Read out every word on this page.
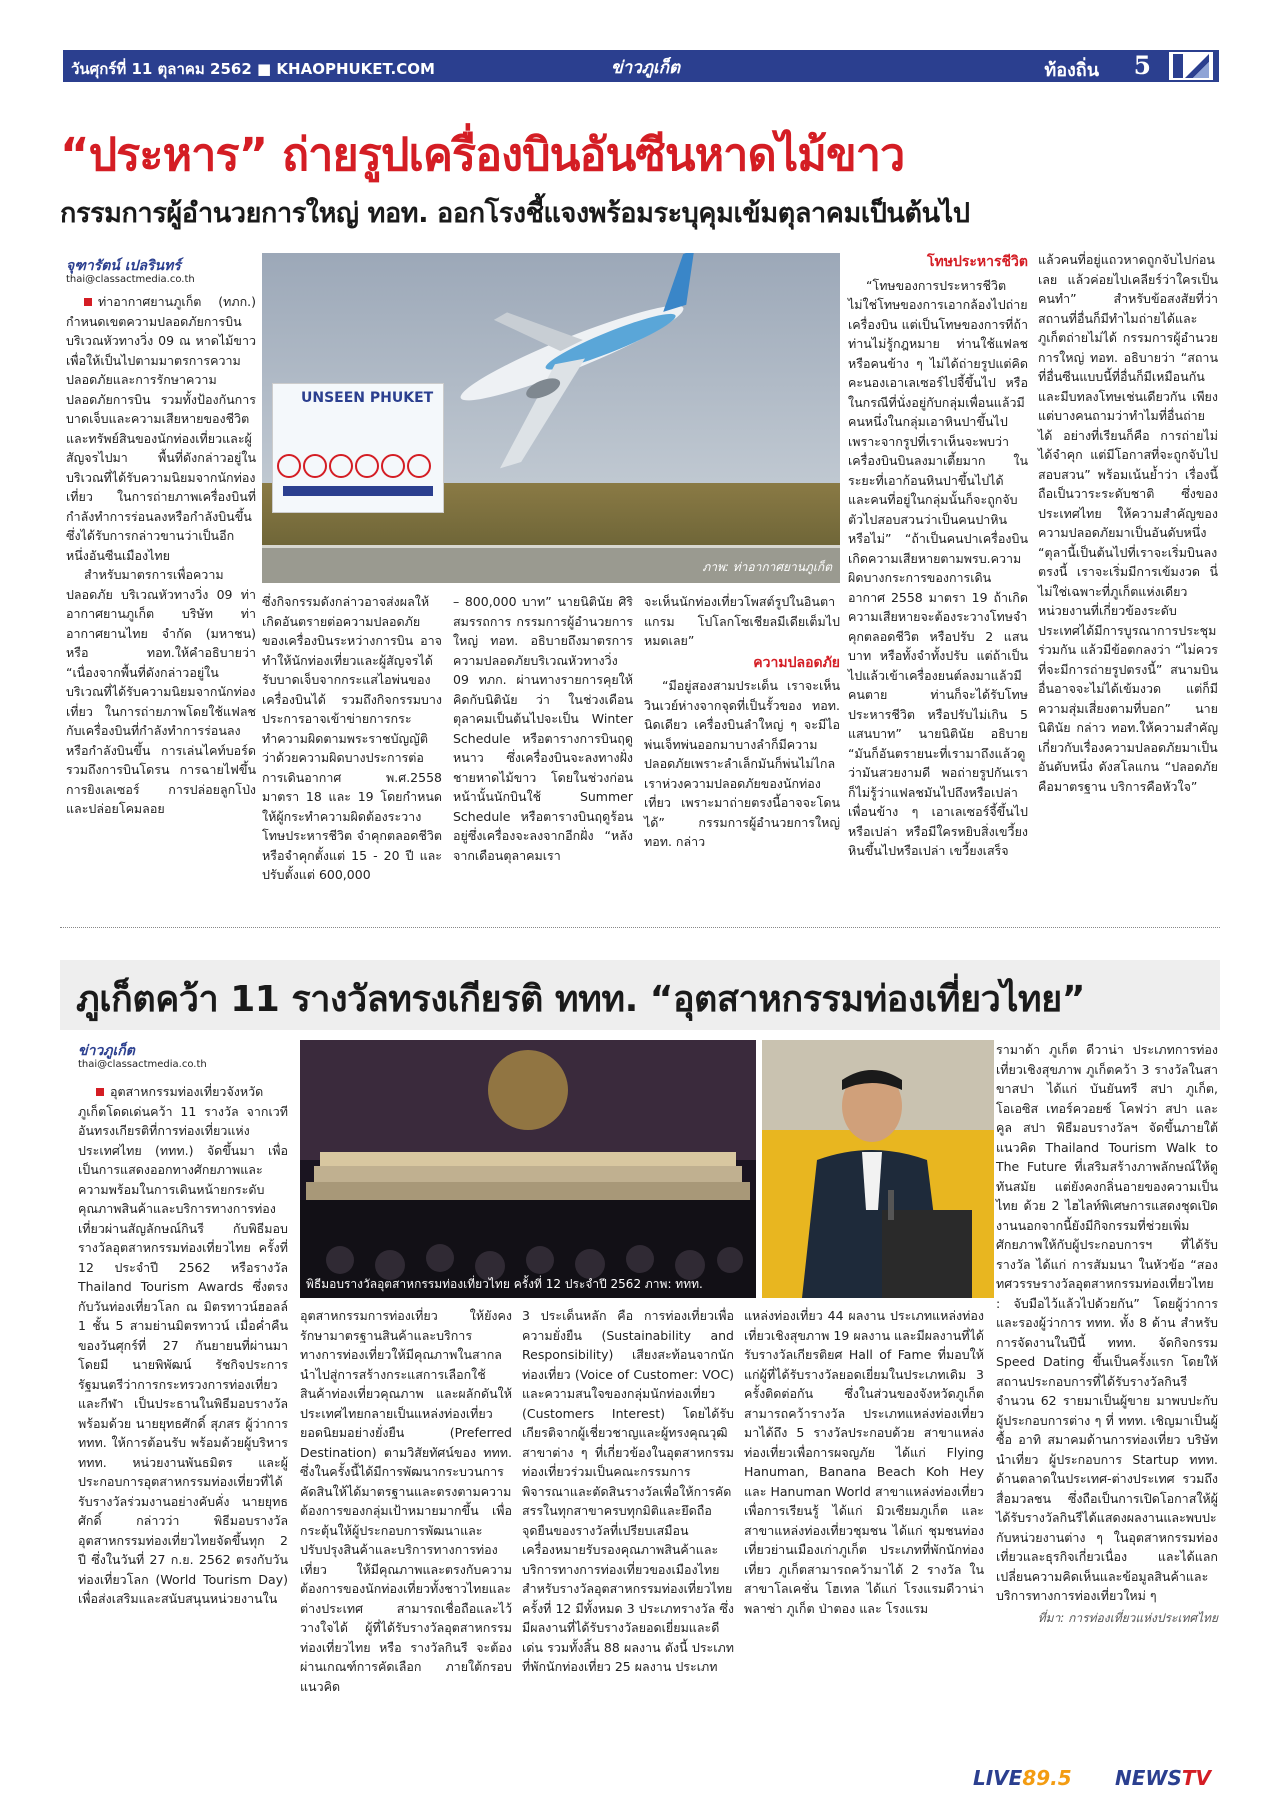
วันศุกร์ที่ 11 ตุลาคม 2562 ■ KHAOPHUKET.COM	ข่าวภูเก็ต	ท้องถิ่น 5
“ประหาร” ถ่ายรูปเครื่องบินอันซีนหาดไม้ขาว
กรรมการผู้อำนวยการใหญ่ ทอท. ออกโรงชี้แจงพร้อมระบุคุมเข้มตุลาคมเป็นต้นไป
จุฑารัตน์ เปลรินทร์
thai@classactmedia.co.th
UNSEEN PHUKET
ภาพ: ท่าอากาศยานภูเก็ต

ท่าอากาศยานภูเก็ต (ทภก.) กำหนดเขตความปลอดภัยการบินบริเวณหัวทางวิ่ง 09 ณ หาดไม้ขาว เพื่อให้เป็นไปตามมาตรการความปลอดภัยและการรักษาความปลอดภัยการบิน รวมทั้งป้องกันการบาดเจ็บและความเสียหายของชีวิต และทรัพย์สินของนักท่องเที่ยวและผู้สัญจรไปมา พื้นที่ดังกล่าวอยู่ในบริเวณที่ได้รับความนิยมจากนักท่องเที่ยว ในการถ่ายภาพเครื่องบินที่กำลังทำการร่อนลงหรือกำลังบินขึ้น ซึ่งได้รับการกล่าวขานว่าเป็นอีกหนึ่งอันซีนเมืองไทย

สำหรับมาตรการเพื่อความปลอดภัย บริเวณหัวทางวิ่ง 09 ท่าอากาศยานภูเก็ต บริษัท ท่าอากาศยานไทย จำกัด (มหาชน) หรือ ทอท.ให้คำอธิบายว่า “เนื่องจากพื้นที่ดังกล่าวอยู่ในบริเวณที่ได้รับความนิยมจากนักท่องเที่ยว ในการถ่ายภาพโดยใช้แฟลชกับเครื่องบินที่กำลังทำการร่อนลงหรือกำลังบินขึ้น การเล่นไคท์บอร์ด รวมถึงการบินโดรน การฉายไฟขึ้น การยิงเลเซอร์ การปล่อยลูกโป่ง และปล่อยโคมลอย

ซึ่งกิจกรรมดังกล่าวอาจส่งผลให้เกิดอันตรายต่อความปลอดภัยของเครื่องบินระหว่างการบิน อาจทำให้นักท่องเที่ยวและผู้สัญจรได้รับบาดเจ็บจากกระแสไอพ่นของเครื่องบินได้ รวมถึงกิจกรรมบางประการอาจเข้าข่ายการกระทำความผิดตามพระราชบัญญัติ ว่าด้วยความผิดบางประการต่อการเดินอากาศ พ.ศ.2558 มาตรา 18 และ 19 โดยกำหนดให้ผู้กระทำความผิดต้องระวางโทษประหารชีวิต จำคุกตลอดชีวิต หรือจำคุกตั้งแต่ 15 - 20 ปี และปรับตั้งแต่ 600,000

– 800,000 บาท” นายนิตินัย ศิริสมรรถการ กรรมการผู้อำนวยการใหญ่ ทอท. อธิบายถึงมาตรการความปลอดภัยบริเวณหัวทางวิ่ง 09 ทภก. ผ่านทางรายการคุยให้คิดกับนิตินัย ว่า ในช่วงเดือนตุลาคมเป็นต้นไปจะเป็น Winter Schedule หรือตารางการบินฤดูหนาว ซึ่งเครื่องบินจะลงทางฝั่งชายหาดไม้ขาว โดยในช่วงก่อนหน้านั้นนักบินใช้ Summer Schedule หรือตารางบินฤดูร้อนอยู่ซึ่งเครื่องจะลงจากอีกฝั่ง “หลังจากเดือนตุลาคมเรา

จะเห็นนักท่องเที่ยวโพสต์รูปในอินตาแกรม โปโลกโซเชียลมีเดียเต็มไปหมดเลย”

ความปลอดภัย

“มีอยู่สองสามประเด็น เราจะเห็นวินเวย์ห่างจากจุดที่เป็นรั้วของ ทอท. นิดเดียว เครื่องบินลำใหญ่ ๆ จะมีไอพ่นเจ็ทพ่นออกมาบางลำก็มีความปลอดภัยเพราะลำเล็กมันก็พ่นไม่ไกล เราห่วงความปลอดภัยของนักท่องเที่ยว เพราะมาถ่ายตรงนี้อาจจะโดนได้” กรรมการผู้อำนวยการใหญ่ ทอท. กล่าว

โทษประหารชีวิต

“โทษของการประหารชีวิต ไม่ใช่โทษของการเอากล้องไปถ่ายเครื่องบิน แต่เป็นโทษของการที่ถ้าท่านไม่รู้กฎหมาย ท่านใช้แฟลชหรือคนข้าง ๆ ไม่ได้ถ่ายรูปแต่คิดคะนองเอาเลเซอร์ไปจี้ขึ้นไป หรือในกรณีที่นั่งอยู่กับกลุ่มเพื่อนแล้วมีคนหนึ่งในกลุ่มเอาหินปาขึ้นไป เพราะจากรูปที่เราเห็นจะพบว่าเครื่องบินบินลงมาเตี้ยมาก ในระยะที่เอาก้อนหินปาขึ้นไปได้ และคนที่อยู่ในกลุ่มนั้นก็จะถูกจับตัวไปสอบสวนว่าเป็นคนปาหินหรือไม่” “ถ้าเป็นคนปาเครื่องบินเกิดความเสียหายตามพรบ.ความผิดบางกระการของการเดินอากาศ 2558 มาตรา 19 ถ้าเกิดความเสียหายจะต้องระวางโทษจำคุกตลอดชีวิต หรือปรับ 2 แสนบาท หรือทั้งจำทั้งปรับ แต่ถ้าเป็นไปแล้วเข้าเครื่องยนต์ลงมาแล้วมีคนตาย ท่านก็จะได้รับโทษประหารชีวิต หรือปรับไม่เกิน 5 แสนบาท” นายนิตินัย อธิบาย “มันก็อันตรายนะที่เรามาถึงแล้วดูว่ามันสวยงามดี พอถ่ายรูปกันเราก็ไม่รู้ว่าแฟลชมันไปถึงหรือเปล่า เพื่อนข้าง ๆ เอาเลเซอร์จี้ขึ้นไปหรือเปล่า หรือมีใครหยิบสิ่งเขวี้ยงหินขึ้นไปหรือเปล่า เขวี้ยงเสร็จ

แล้วคนที่อยู่แถวหาดถูกจับไปก่อน เลย แล้วค่อยไปเคลียร์ว่าใครเป็นคนทำ” สำหรับข้อสงสัยที่ว่า สถานที่อื่นก็มีทำไมถ่ายได้และภูเก็ตถ่ายไม่ได้ กรรมการผู้อำนวยการใหญ่ ทอท. อธิบายว่า “สถานที่อื่นซีนแบบนี้ที่อื่นก็มีเหมือนกัน และมีบทลงโทษเช่นเดียวกัน เพียงแต่บางคนถามว่าทำไมที่อื่นถ่ายได้ อย่างที่เรียนก็คือ การถ่ายไม่ได้จำคุก แต่มีโอกาสที่จะถูกจับไปสอบสวน” พร้อมเน้นย้ำว่า เรื่องนี้ถือเป็นวาระระดับชาติ ซึ่งของประเทศไทย ให้ความสำคัญของความปลอดภัยมาเป็นอันดับหนึ่ง “ตุลานี้เป็นต้นไปที่เราจะเริ่มบินลงตรงนี้ เราจะเริ่มมีการเข้มงวด นี่ไม่ใช่เฉพาะที่ภูเก็ตแห่งเดียว หน่วยงานที่เกี่ยวข้องระดับประเทศได้มีการบูรณาการประชุมร่วมกัน แล้วมีข้อตกลงว่า “ไม่ควรที่จะมีการถ่ายรูปตรงนี้” สนามบินอื่นอาจจะไม่ได้เข้มงวด แต่ก็มีความสุ่มเสี่ยงตามที่บอก” นายนิตินัย กล่าว ทอท.ให้ความสำคัญเกี่ยวกับเรื่องความปลอดภัยมาเป็นอันดับหนึ่ง ดังสโลแกน “ปลอดภัยคือมาตรฐาน บริการคือหัวใจ”

ภูเก็ตคว้า 11 รางวัลทรงเกียรติ ททท. “อุตสาหกรรมท่องเที่ยวไทย”
ข่าวภูเก็ต
thai@classactmedia.co.th
พิธีมอบรางวัลอุตสาหกรรมท่องเที่ยวไทย ครั้งที่ 12 ประจำปี 2562 ภาพ: ททท.

อุตสาหกรรมท่องเที่ยวจังหวัดภูเก็ตโดดเด่นคว้า 11 รางวัล จากเวทีอันทรงเกียรติที่การท่องเที่ยวแห่งประเทศไทย (ททท.) จัดขึ้นมา เพื่อเป็นการแสดงออกทางศักยภาพและความพร้อมในการเดินหน้ายกระดับคุณภาพสินค้าและบริการทางการท่องเที่ยวผ่านสัญลักษณ์กินรี กับพิธีมอบรางวัลอุตสาหกรรมท่องเที่ยวไทย ครั้งที่ 12 ประจำปี 2562 หรือรางวัล Thailand Tourism Awards ซึ่งตรงกับวันท่องเที่ยวโลก ณ มิตรทาวน์ฮอลล์ 1 ชั้น 5 สามย่านมิตรทาวน์ เมื่อค่ำคืนของวันศุกร์ที่ 27 กันยายนที่ผ่านมา โดยมี นายพิพัฒน์ รัชกิจประการ รัฐมนตรีว่าการกระทรวงการท่องเที่ยวและกีฬา เป็นประธานในพิธีมอบรางวัล พร้อมด้วย นายยุทธศักดิ์ สุภสร ผู้ว่าการ ททท. ให้การต้อนรับ พร้อมด้วยผู้บริหาร ททท. หน่วยงานพันธมิตร และผู้ประกอบการอุตสาหกรรมท่องเที่ยวที่ได้รับรางวัลร่วมงานอย่างคับคั่ง นายยุทธศักดิ์ กล่าวว่า พิธีมอบรางวัลอุตสาหกรรมท่องเที่ยวไทยจัดขึ้นทุก 2 ปี ซึ่งในวันที่ 27 ก.ย. 2562 ตรงกับวันท่องเที่ยวโลก (World Tourism Day) เพื่อส่งเสริมและสนับสนุนหน่วยงานใน

อุตสาหกรรมการท่องเที่ยว ให้ยังคงรักษามาตรฐานสินค้าและบริการทางการท่องเที่ยวให้มีคุณภาพในสากล นำไปสู่การสร้างกระแสการเลือกใช้สินค้าท่องเที่ยวคุณภาพ และผลักดันให้ประเทศไทยกลายเป็นแหล่งท่องเที่ยวยอดนิยมอย่างยั่งยืน (Preferred Destination) ตามวิสัยทัศน์ของ ททท. ซึ่งในครั้งนี้ได้มีการพัฒนากระบวนการคัดสินให้ได้มาตรฐานและตรงตามความต้องการของกลุ่มเป้าหมายมากขึ้น เพื่อกระตุ้นให้ผู้ประกอบการพัฒนาและปรับปรุงสินค้าและบริการทางการท่องเที่ยว ให้มีคุณภาพและตรงกับความต้องการของนักท่องเที่ยวทั้งชาวไทยและต่างประเทศ สามารถเชื่อถือและไว้วางใจได้ ผู้ที่ได้รับรางวัลอุตสาหกรรมท่องเที่ยวไทย หรือ รางวัลกินรี จะต้องผ่านเกณฑ์การคัดเลือก ภายใต้กรอบแนวคิด

3 ประเด็นหลัก คือ การท่องเที่ยวเพื่อความยั่งยืน (Sustainability and Responsibility) เสียงสะท้อนจากนักท่องเที่ยว (Voice of Customer: VOC) และความสนใจของกลุ่มนักท่องเที่ยว (Customers Interest) โดยได้รับเกียรติจากผู้เชี่ยวชาญและผู้ทรงคุณวุฒิสาขาต่าง ๆ ที่เกี่ยวข้องในอุตสาหกรรมท่องเที่ยวร่วมเป็นคณะกรรมการพิจารณาและตัดสินรางวัลเพื่อให้การคัดสรรในทุกสาขาครบทุกมิติและยึดถือจุดยืนของรางวัลที่เปรียบเสมือนเครื่องหมายรับรองคุณภาพสินค้าและบริการทางการท่องเที่ยวของเมืองไทย สำหรับรางวัลอุตสาหกรรมท่องเที่ยวไทย ครั้งที่ 12 มีทั้งหมด 3 ประเภทรางวัล ซึ่งมีผลงานที่ได้รับรางวัลยอดเยี่ยมและดีเด่น รวมทั้งสิ้น 88 ผลงาน ดังนี้ ประเภทที่พักนักท่องเที่ยว 25 ผลงาน ประเภท

แหล่งท่องเที่ยว 44 ผลงาน ประเภทแหล่งท่องเที่ยวเชิงสุขภาพ 19 ผลงาน และมีผลงานที่ได้รับรางวัลเกียรติยศ Hall of Fame ที่มอบให้แก่ผู้ที่ได้รับรางวัลยอดเยี่ยมในประเภทเดิม 3 ครั้งติดต่อกัน ซึ่งในส่วนของจังหวัดภูเก็ต สามารถคว้ารางวัล ประเภทแหล่งท่องเที่ยว มาได้ถึง 5 รางวัลประกอบด้วย สาขาแหล่งท่องเที่ยวเพื่อการผจญภัย ได้แก่ Flying Hanuman, Banana Beach Koh Hey และ Hanuman World สาขาแหล่งท่องเที่ยวเพื่อการเรียนรู้ ได้แก่ มิวเซียมภูเก็ต และสาขาแหล่งท่องเที่ยวชุมชน ได้แก่ ชุมชนท่องเที่ยวย่านเมืองเก่าภูเก็ต ประเภทที่พักนักท่องเที่ยว ภูเก็ตสามารถคว้ามาได้ 2 รางวัล ในสาขาโลเคชั่น โฮเทล ได้แก่ โรงแรมดีวาน่า พลาซ่า ภูเก็ต ป่าตอง และ โรงแรม

รามาด้า ภูเก็ต ดีวาน่า ประเภทการท่องเที่ยวเชิงสุขภาพ ภูเก็ตคว้า 3 รางวัลในสาขาสปา ได้แก่ บันยันทรี สปา ภูเก็ต, โอเอซิส เทอร์ควอยซ์ โคฟว่า สปา และ คูล สปา พิธีมอบรางวัลฯ จัดขึ้นภายใต้แนวคิด Thailand Tourism Walk to The Future ที่เสริมสร้างภาพลักษณ์ให้ดูทันสมัย แต่ยังคงกลิ่นอายของความเป็นไทย ด้วย 2 ไฮไลท์พิเศษการแสดงชุดเปิดงานนอกจากนี้ยังมีกิจกรรมที่ช่วยเพิ่มศักยภาพให้กับผู้ประกอบการฯ ที่ได้รับรางวัล ได้แก่ การสัมมนา ในหัวข้อ “สองทศวรรษรางวัลอุตสาหกรรมท่องเที่ยวไทย : จับมือไว้แล้วไปด้วยกัน” โดยผู้ว่าการและรองผู้ว่าการ ททท. ทั้ง 8 ด้าน สำหรับการจัดงานในปีนี้ ททท. จัดกิจกรรม Speed Dating ขึ้นเป็นครั้งแรก โดยให้สถานประกอบการที่ได้รับรางวัลกินรีจำนวน 62 รายมาเป็นผู้ขาย มาพบปะกับผู้ประกอบการต่าง ๆ ที่ ททท. เชิญมาเป็นผู้ซื้อ อาทิ สมาคมด้านการท่องเที่ยว บริษัทนำเที่ยว ผู้ประกอบการ Startup ททท. ด้านตลาดในประเทศ-ต่างประเทศ รวมถึงสื่อมวลชน ซึ่งถือเป็นการเปิดโอกาสให้ผู้ได้รับรางวัลกินรีได้แสดงผลงานและพบปะกับหน่วยงานต่าง ๆ ในอุตสาหกรรมท่องเที่ยวและธุรกิจเกี่ยวเนื่อง และได้แลกเปลี่ยนความคิดเห็นและข้อมูลสินค้าและบริการทางการท่องเที่ยวใหม่ ๆ

ที่มา: การท่องเที่ยวแห่งประเทศไทย
LIVE89.5 NEWSTV
